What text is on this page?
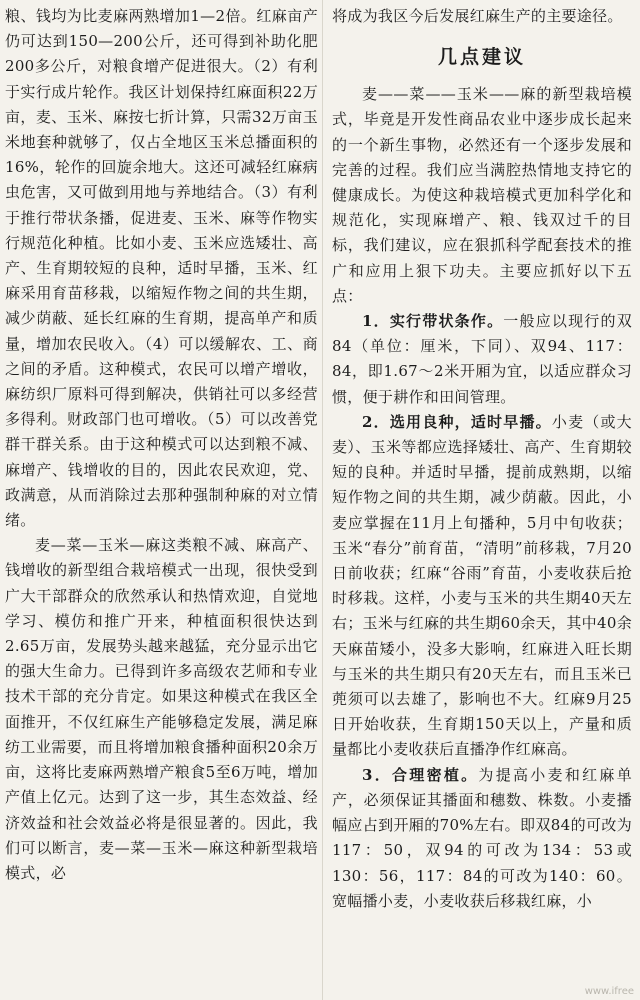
粮、钱均为比麦麻两熟增加1—2倍。红麻亩产仍可达到150—200公斤，还可得到补助化肥200多公斤，对粮食增产促进很大。（2）有利于实行成片轮作。我区计划保持红麻面积22万亩，麦、玉米、麻按七折计算，只需32万亩玉米地套种就够了，仅占全地区玉米总播面积的16%，轮作的回旋余地大。这还可减轻红麻病虫危害，又可做到用地与养地结合。（3）有利于推行带状条播，促进麦、玉米、麻等作物实行规范化种植。比如小麦、玉米应选矮壮、高产、生育期较短的良种，适时早播，玉米、红麻采用育苗移栽，以缩短作物之间的共生期，减少荫蔽、延长红麻的生育期，提高单产和质量，增加农民收入。（4）可以缓解农、工、商之间的矛盾。这种模式，农民可以增产增收，麻纺织厂原料可得到解决，供销社可以多经营多得利。财政部门也可增收。（5）可以改善党群干群关系。由于这种模式可以达到粮不减、麻增产、钱增收的目的，因此农民欢迎，党、政满意，从而消除过去那种强制种麻的对立情绪。

麦—菜—玉米—麻这类粮不减、麻高产、钱增收的新型组合栽培模式一出现，很快受到广大干部群众的欣然承认和热情欢迎，自觉地学习、模仿和推广开来，种植面积很快达到2.65万亩，发展势头越来越猛，充分显示出它的强大生命力。已得到许多高级农艺师和专业技术干部的充分肯定。如果这种模式在我区全面推开，不仅红麻生产能够稳定发展，满足麻纺工业需要，而且将增加粮食播种面积20余万亩，这将比麦麻两熟增产粮食5至6万吨，增加产值上亿元。达到了这一步，其生态效益、经济效益和社会效益必将是很显著的。因此，我们可以断言，麦—菜—玉米—麻这种新型栽培模式，必

将成为我区今后发展红麻生产的主要途径。

几点建议

麦——菜——玉米——麻的新型栽培模式，毕竟是开发性商品农业中逐步成长起来的一个新生事物，必然还有一个逐步发展和完善的过程。我们应当满腔热情地支持它的健康成长。为使这种栽培模式更加科学化和规范化，实现麻增产、粮、钱双过千的目标，我们建议，应在狠抓科学配套技术的推广和应用上狠下功夫。主要应抓好以下五点：

1．实行带状条作。一般应以现行的双84（单位：厘米，下同）、双94、117：84，即1.67～2米开厢为宜，以适应群众习惯，便于耕作和田间管理。

2．选用良种，适时早播。小麦（或大麦）、玉米等都应选择矮壮、高产、生育期较短的良种。并适时早播，提前成熟期，以缩短作物之间的共生期，减少荫蔽。因此，小麦应掌握在11月上旬播种，5月中旬收获；玉米“春分”前育苗，“清明”前移栽，7月20日前收获；红麻“谷雨”育苗，小麦收获后抢时移栽。这样，小麦与玉米的共生期40天左右；玉米与红麻的共生期60余天，其中40余天麻苗矮小，没多大影响，红麻进入旺长期与玉米的共生期只有20天左右，而且玉米已蔸须可以去雄了，影响也不大。红麻9月25日开始收获，生育期150天以上，产量和质量都比小麦收获后直播净作红麻高。

3．合理密植。为提高小麦和红麻单产，必须保证其播面和穗数、株数。小麦播幅应占到开厢的70%左右。即双84的可改为117：50，双94的可改为134：53或130：56，117：84的可改为140：60。宽幅播小麦，小麦收获后移栽红麻，小

www.ifree
